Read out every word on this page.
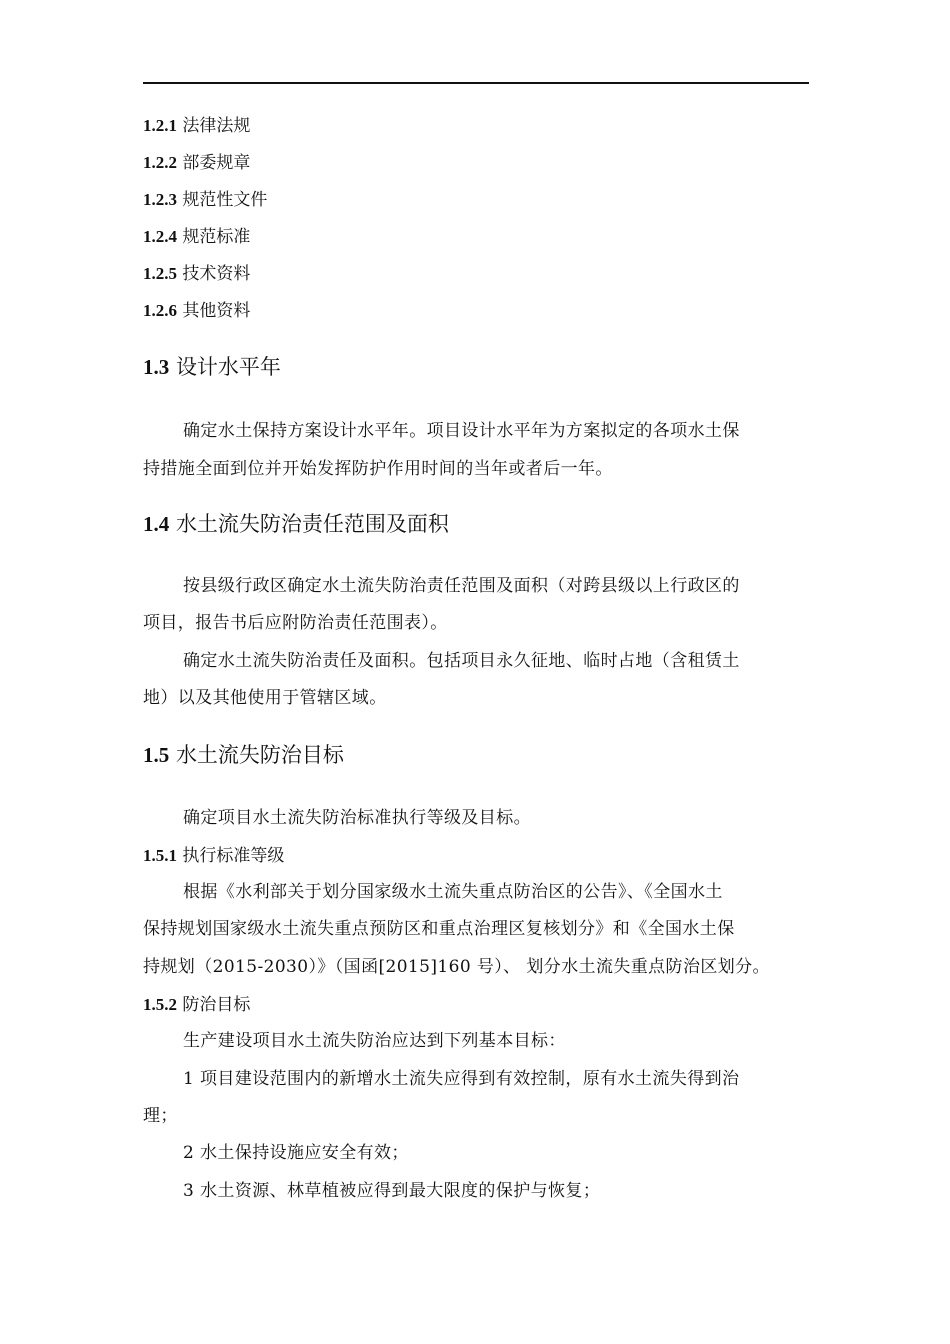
1.2.1 法律法规
1.2.2 部委规章
1.2.3 规范性文件
1.2.4 规范标准
1.2.5 技术资料
1.2.6 其他资料
1.3 设计水平年
确定水土保持方案设计水平年。项目设计水平年为方案拟定的各项水土保
持措施全面到位并开始发挥防护作用时间的当年或者后一年。
1.4 水土流失防治责任范围及面积
按县级行政区确定水土流失防治责任范围及面积（对跨县级以上行政区的
项目，报告书后应附防治责任范围表）。
确定水土流失防治责任及面积。包括项目永久征地、临时占地（含租赁土
地）以及其他使用于管辖区域。
1.5 水土流失防治目标
确定项目水土流失防治标准执行等级及目标。
1.5.1 执行标准等级
根据《水利部关于划分国家级水土流失重点防治区的公告》、《全国水土
保持规划国家级水土流失重点预防区和重点治理区复核划分》和《全国水土保
持规划（2015-2030）》（国函[2015]160 号）、 划分水土流失重点防治区划分。
1.5.2 防治目标
生产建设项目水土流失防治应达到下列基本目标：
1 项目建设范围内的新增水土流失应得到有效控制，原有水土流失得到治
理；
2 水土保持设施应安全有效；
3 水土资源、林草植被应得到最大限度的保护与恢复；
